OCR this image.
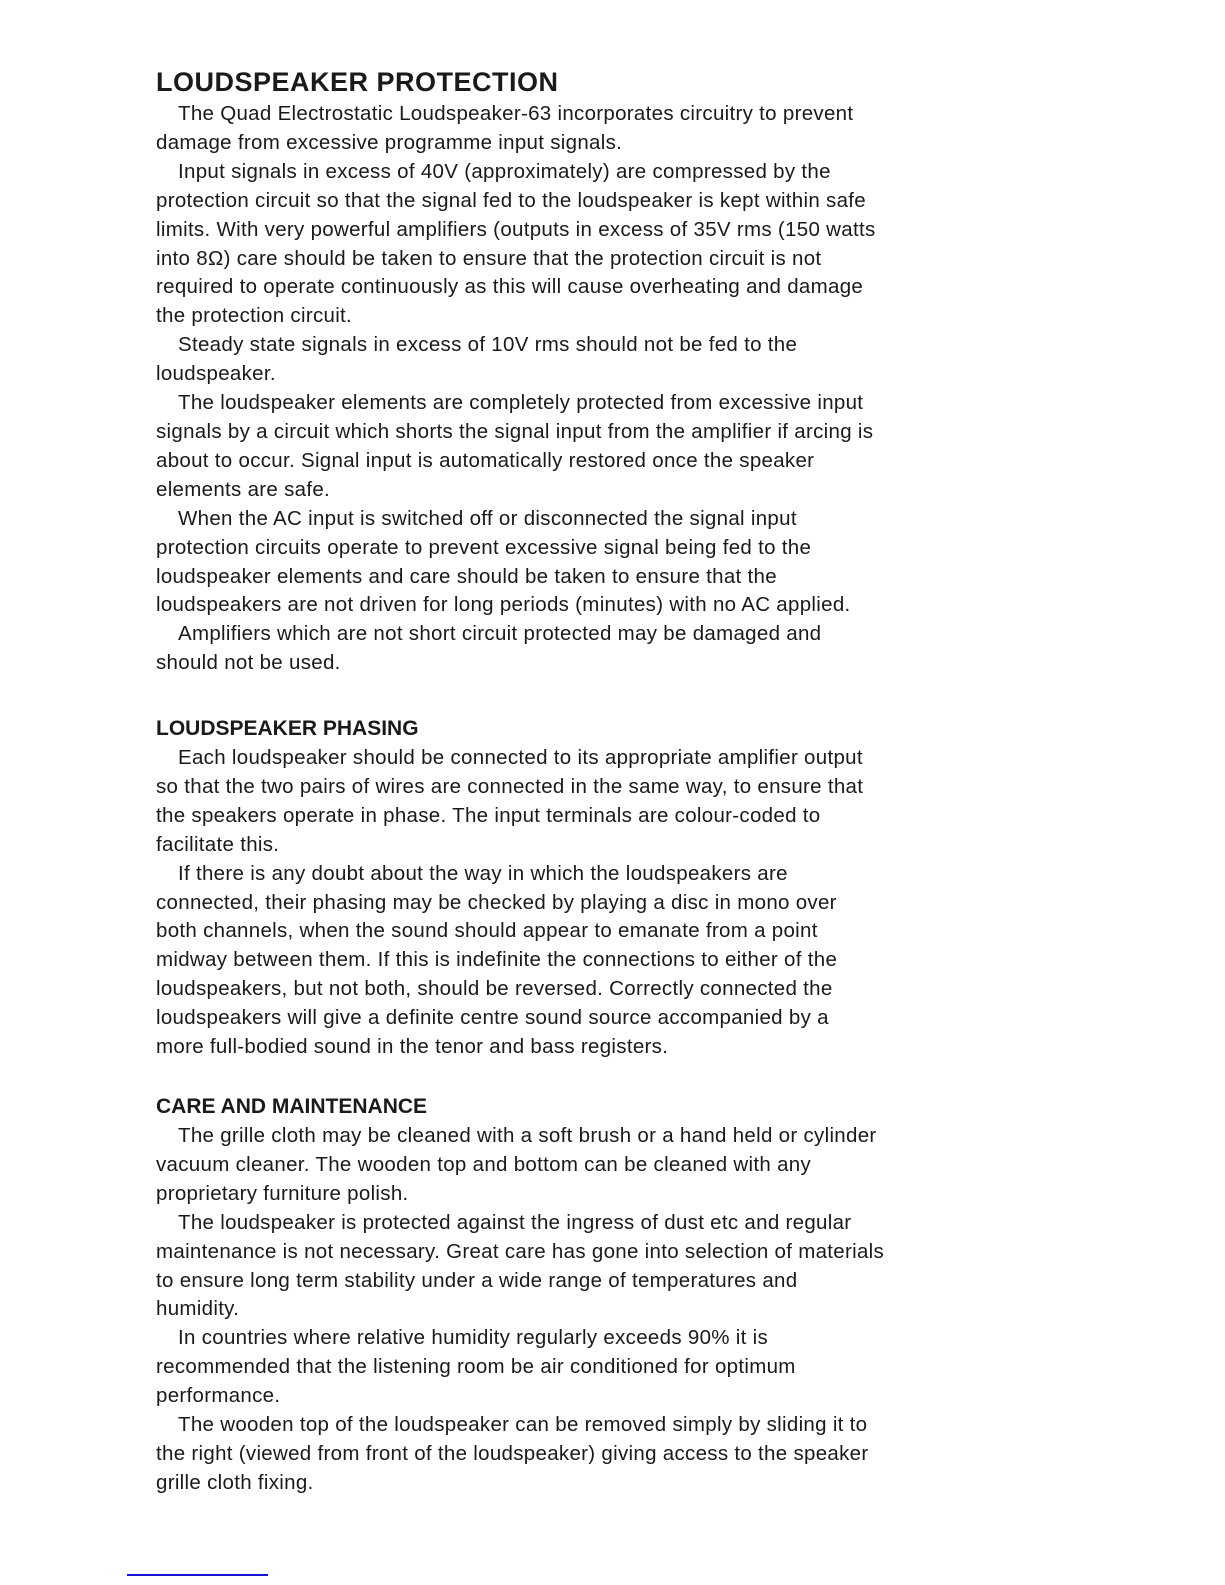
LOUDSPEAKER PROTECTION
The Quad Electrostatic Loudspeaker-63 incorporates circuitry to prevent
damage from excessive programme input signals.
Input signals in excess of 40V (approximately) are compressed by the
protection circuit so that the signal fed to the loudspeaker is kept within safe
limits. With very powerful amplifiers (outputs in excess of 35V rms (150 watts
into 8Ω) care should be taken to ensure that the protection circuit is not
required to operate continuously as this will cause overheating and damage
the protection circuit.
Steady state signals in excess of 10V rms should not be fed to the
loudspeaker.
The loudspeaker elements are completely protected from excessive input
signals by a circuit which shorts the signal input from the amplifier if arcing is
about to occur. Signal input is automatically restored once the speaker
elements are safe.
When the AC input is switched off or disconnected the signal input
protection circuits operate to prevent excessive signal being fed to the
loudspeaker elements and care should be taken to ensure that the
loudspeakers are not driven for long periods (minutes) with no AC applied.
Amplifiers which are not short circuit protected may be damaged and
should not be used.
LOUDSPEAKER PHASING
Each loudspeaker should be connected to its appropriate amplifier output
so that the two pairs of wires are connected in the same way, to ensure that
the speakers operate in phase. The input terminals are colour-coded to
facilitate this.
If there is any doubt about the way in which the loudspeakers are
connected, their phasing may be checked by playing a disc in mono over
both channels, when the sound should appear to emanate from a point
midway between them. If this is indefinite the connections to either of the
loudspeakers, but not both, should be reversed. Correctly connected the
loudspeakers will give a definite centre sound source accompanied by a
more full-bodied sound in the tenor and bass registers.
CARE AND MAINTENANCE
The grille cloth may be cleaned with a soft brush or a hand held or cylinder
vacuum cleaner. The wooden top and bottom can be cleaned with any
proprietary furniture polish.
The loudspeaker is protected against the ingress of dust etc and regular
maintenance is not necessary. Great care has gone into selection of materials
to ensure long term stability under a wide range of temperatures and
humidity.
In countries where relative humidity regularly exceeds 90% it is
recommended that the listening room be air conditioned for optimum
performance.
The wooden top of the loudspeaker can be removed simply by sliding it to
the right (viewed from front of the loudspeaker) giving access to the speaker
grille cloth fixing.
